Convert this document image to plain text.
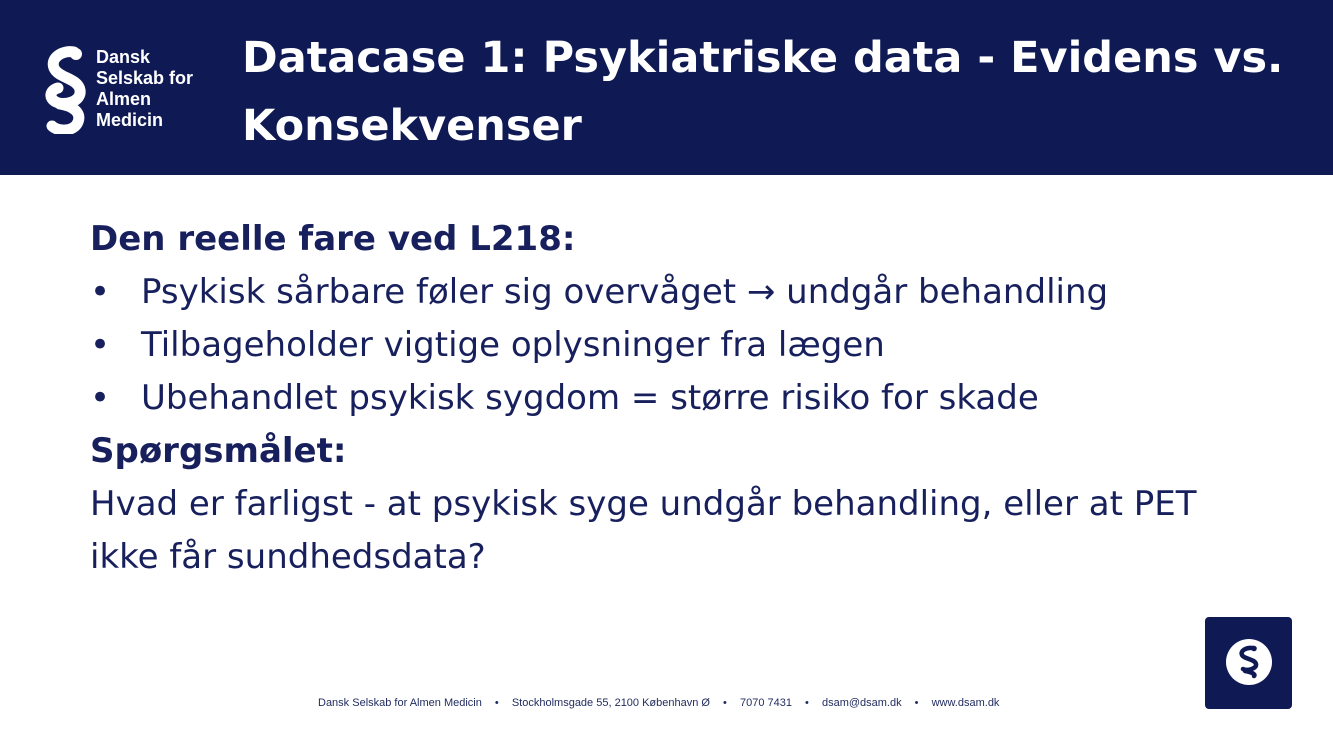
Dansk
Selskab for
Almen
Medicin
Datacase 1: Psykiatriske data - Evidens vs. Konsekvenser

Den reelle fare ved L218:

• Psykisk sårbare føler sig overvåget → undgår behandling
• Tilbageholder vigtige oplysninger fra lægen
• Ubehandlet psykisk sygdom = større risiko for skade

Spørgsmålet:

Hvad er farligst - at psykisk syge undgår behandling, eller at PET ikke får sundhedsdata?

Dansk Selskab for Almen Medicin • Stockholmsgade 55, 2100 København Ø • 7070 7431 • dsam@dsam.dk • www.dsam.dk
